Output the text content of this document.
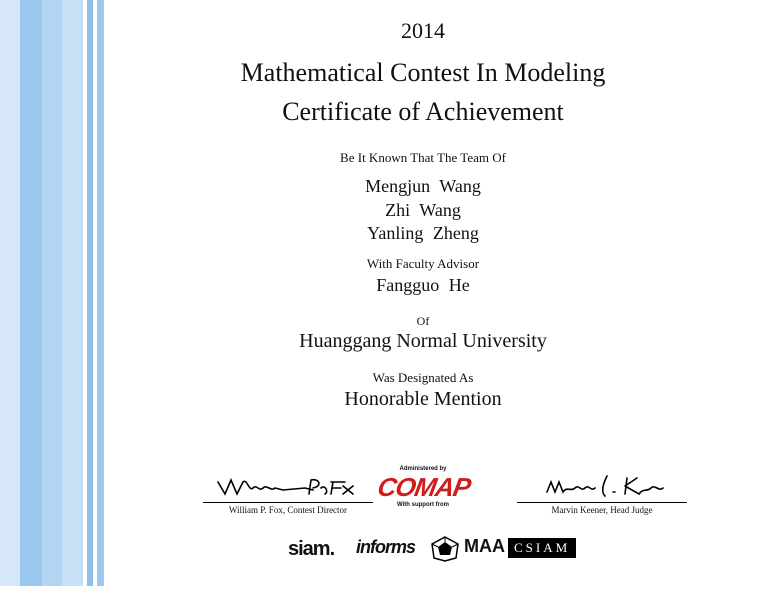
2014
Mathematical Contest In Modeling
Certificate of Achievement
Be It Known That The Team Of
Mengjun Wang
Zhi Wang
Yanling Zheng
With Faculty Advisor
Fangguo He
Of
Huanggang Normal University
Was Designated As
Honorable Mention
William P. Fox, Contest Director
Administered by
COMAP
With support from	Marvin Keener, Head Judge
siam. informs	MAA CSIAM
